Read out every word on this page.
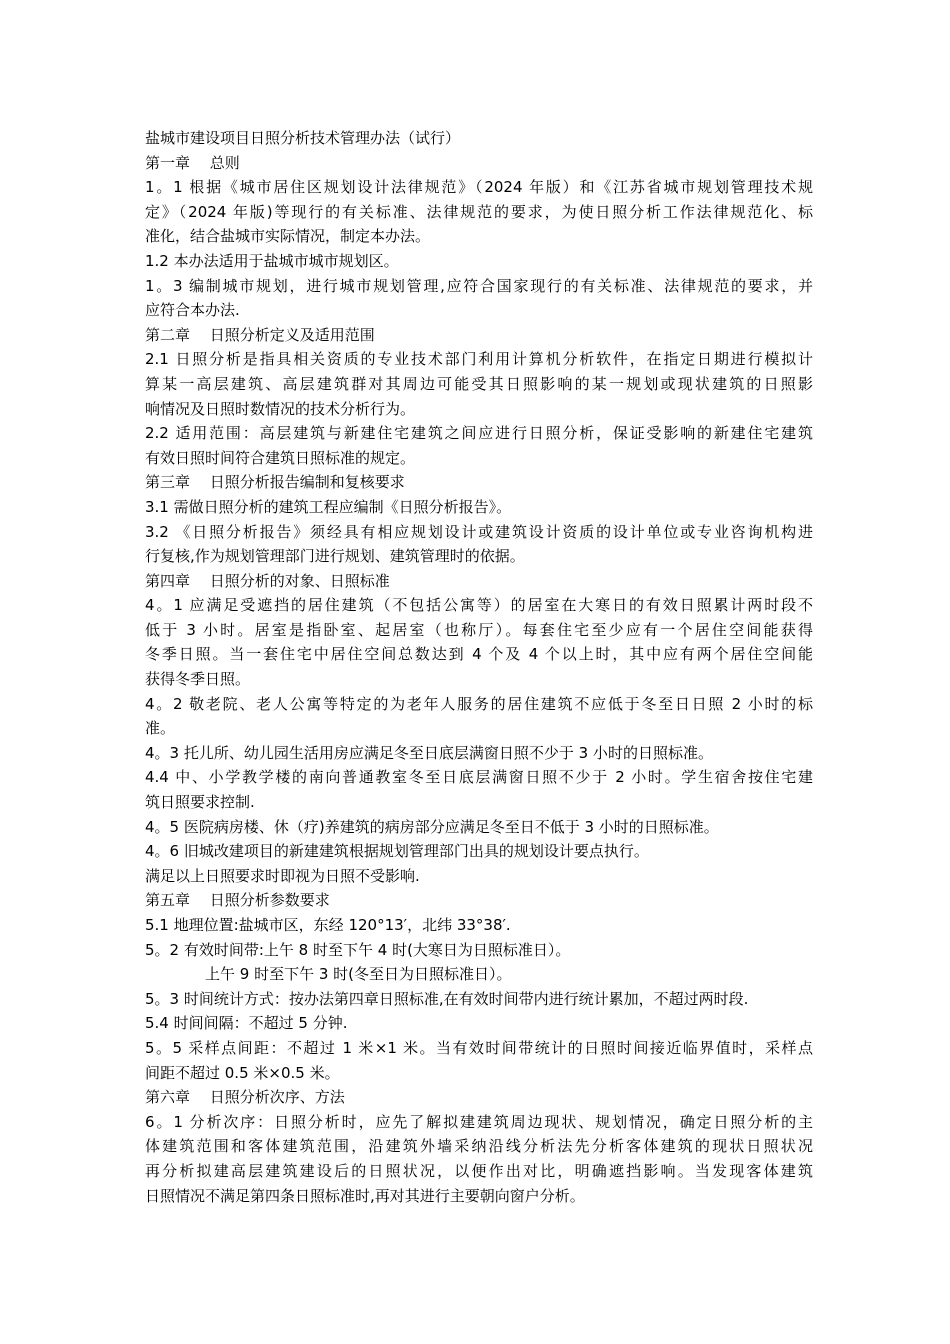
盐城市建设项目日照分析技术管理办法（试行）
第一章　 总则
1。1 根据《城市居住区规划设计法律规范》（2024 年版）和《江苏省城市规划管理技术规
定》（2024 年版)等现行的有关标准、法律规范的要求，为使日照分析工作法律规范化、标
准化，结合盐城市实际情况，制定本办法。
1.2 本办法适用于盐城市城市规划区。
1。3 编制城市规划，进行城市规划管理,应符合国家现行的有关标准、法律规范的要求，并
应符合本办法.
第二章　 日照分析定义及适用范围
2.1 日照分析是指具相关资质的专业技术部门利用计算机分析软件，在指定日期进行模拟计
算某一高层建筑、高层建筑群对其周边可能受其日照影响的某一规划或现状建筑的日照影
响情况及日照时数情况的技术分析行为。
2.2 适用范围：高层建筑与新建住宅建筑之间应进行日照分析，保证受影响的新建住宅建筑
有效日照时间符合建筑日照标准的规定。
第三章　 日照分析报告编制和复核要求
3.1 需做日照分析的建筑工程应编制《日照分析报告》。
3.2 《日照分析报告》须经具有相应规划设计或建筑设计资质的设计单位或专业咨询机构进
行复核,作为规划管理部门进行规划、建筑管理时的依据。
第四章　 日照分析的对象、日照标准
4。1 应满足受遮挡的居住建筑（不包括公寓等）的居室在大寒日的有效日照累计两时段不
低于 3 小时。居室是指卧室、起居室（也称厅）。每套住宅至少应有一个居住空间能获得
冬季日照。当一套住宅中居住空间总数达到 4 个及 4 个以上时，其中应有两个居住空间能
获得冬季日照。
4。2 敬老院、老人公寓等特定的为老年人服务的居住建筑不应低于冬至日日照 2 小时的标
准。
4。3 托儿所、幼儿园生活用房应满足冬至日底层满窗日照不少于 3 小时的日照标准。
4.4 中、小学教学楼的南向普通教室冬至日底层满窗日照不少于 2 小时。学生宿舍按住宅建
筑日照要求控制.
4。5 医院病房楼、休（疗)养建筑的病房部分应满足冬至日不低于 3 小时的日照标准。
4。6 旧城改建项目的新建建筑根据规划管理部门出具的规划设计要点执行。
满足以上日照要求时即视为日照不受影响.
第五章　 日照分析参数要求
5.1 地理位置:盐城市区，东经 120°13′，北纬 33°38′.
5。2 有效时间带:上午 8 时至下午 4 时(大寒日为日照标准日）。
　　　　上午 9 时至下午 3 时(冬至日为日照标准日）。
5。3 时间统计方式：按办法第四章日照标准,在有效时间带内进行统计累加，不超过两时段.
5.4 时间间隔：不超过 5 分钟.
5。5 采样点间距：不超过 1 米×1 米。当有效时间带统计的日照时间接近临界值时，采样点
间距不超过 0.5 米×0.5 米。
第六章　 日照分析次序、方法
6。1 分析次序：日照分析时，应先了解拟建建筑周边现状、规划情况，确定日照分析的主
体建筑范围和客体建筑范围，沿建筑外墙采纳沿线分析法先分析客体建筑的现状日照状况
再分析拟建高层建筑建设后的日照状况，以便作出对比，明确遮挡影响。当发现客体建筑
日照情况不满足第四条日照标准时,再对其进行主要朝向窗户分析。
